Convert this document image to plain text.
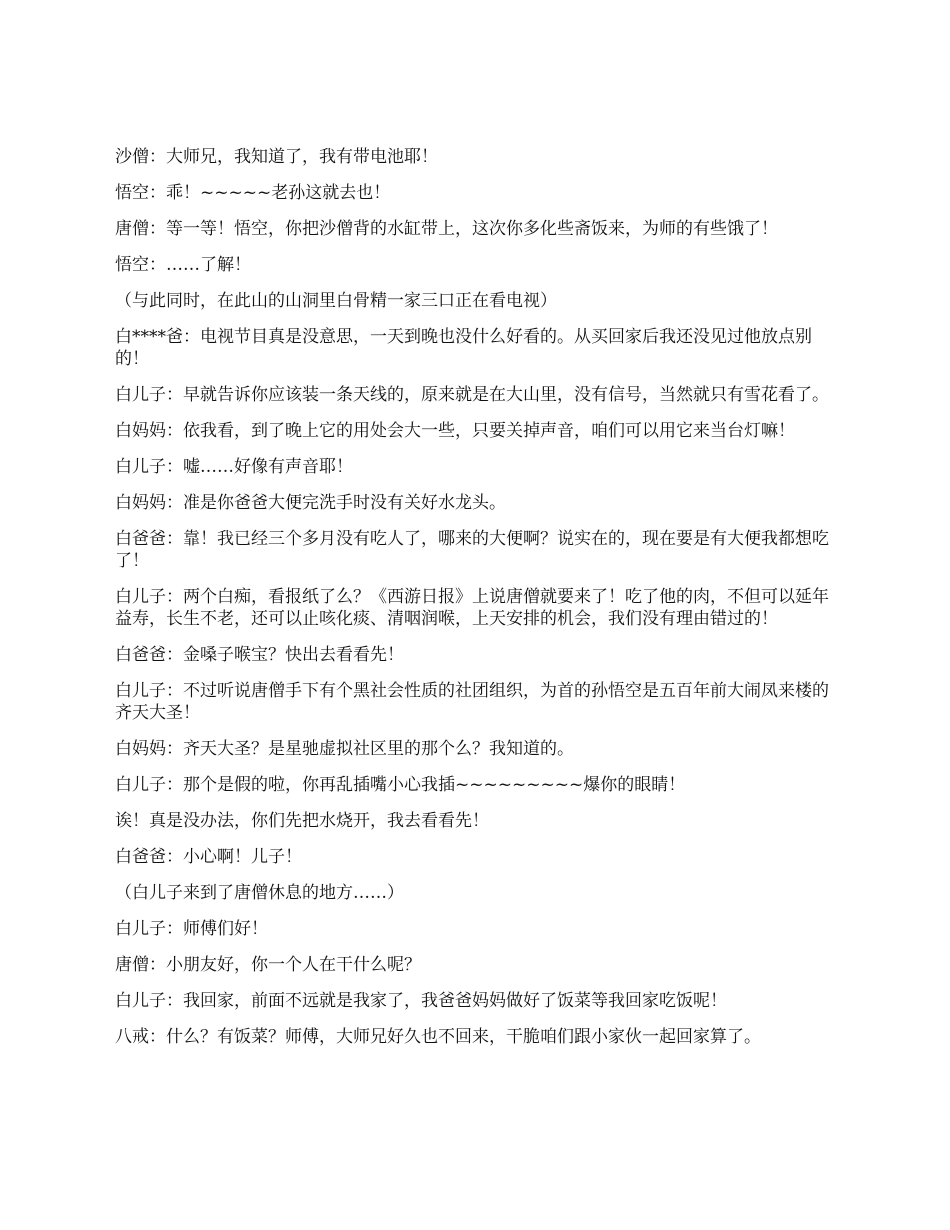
沙僧：大师兄，我知道了，我有带电池耶！

悟空：乖！~~~~~老孙这就去也！

唐僧：等一等！悟空，你把沙僧背的水缸带上，这次你多化些斋饭来，为师的有些饿了！

悟空：……了解！

（与此同时，在此山的山洞里白骨精一家三口正在看电视）

白****爸：电视节目真是没意思，一天到晚也没什么好看的。从买回家后我还没见过他放点别的！

白儿子：早就告诉你应该装一条天线的，原来就是在大山里，没有信号，当然就只有雪花看了。

白妈妈：依我看，到了晚上它的用处会大一些，只要关掉声音，咱们可以用它来当台灯嘛！

白儿子：嘘……好像有声音耶！

白妈妈：准是你爸爸大便完洗手时没有关好水龙头。

白爸爸：靠！我已经三个多月没有吃人了，哪来的大便啊？说实在的，现在要是有大便我都想吃了！

白儿子：两个白痴，看报纸了么？《西游日报》上说唐僧就要来了！吃了他的肉，不但可以延年益寿，长生不老，还可以止咳化痰、清咽润喉，上天安排的机会，我们没有理由错过的！

白爸爸：金嗓子喉宝？快出去看看先！

白儿子：不过听说唐僧手下有个黑社会性质的社团组织，为首的孙悟空是五百年前大闹凤来楼的齐天大圣！

白妈妈：齐天大圣？是星驰虚拟社区里的那个么？我知道的。

白儿子：那个是假的啦，你再乱插嘴小心我插~~~~~~~~~爆你的眼睛！

诶！真是没办法，你们先把水烧开，我去看看先！

白爸爸：小心啊！儿子！

（白儿子来到了唐僧休息的地方……）

白儿子：师傅们好！

唐僧：小朋友好，你一个人在干什么呢？

白儿子：我回家，前面不远就是我家了，我爸爸妈妈做好了饭菜等我回家吃饭呢！

八戒：什么？有饭菜？师傅，大师兄好久也不回来，干脆咱们跟小家伙一起回家算了。
